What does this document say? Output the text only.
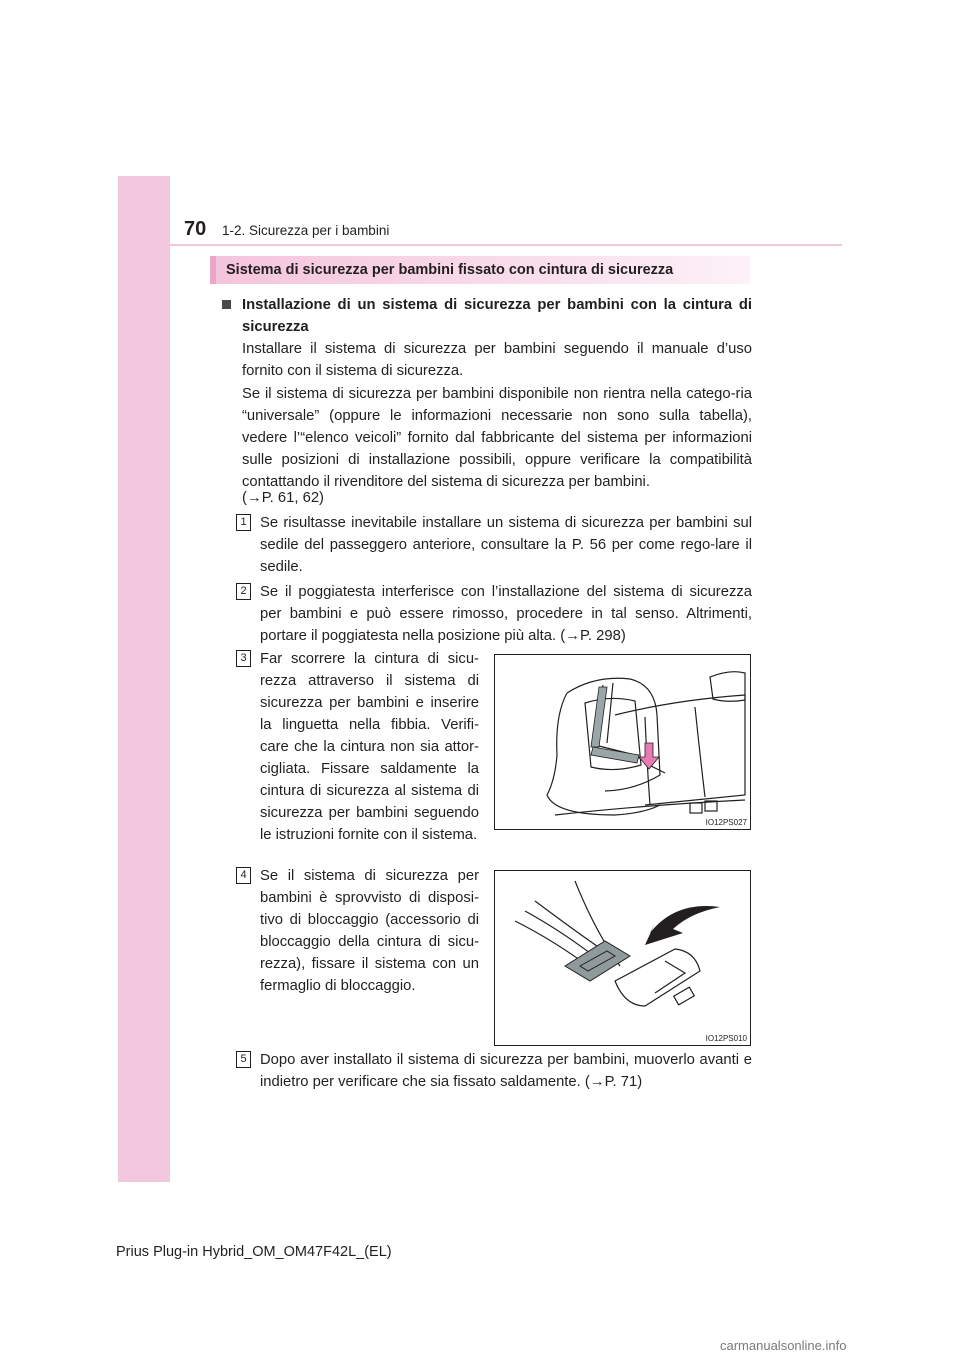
70 1-2. Sicurezza per i bambini
Sistema di sicurezza per bambini fissato con cintura di sicurezza
Installazione di un sistema di sicurezza per bambini con la cintura di sicurezza
Installare il sistema di sicurezza per bambini seguendo il manuale d’uso fornito con il sistema di sicurezza.
Se il sistema di sicurezza per bambini disponibile non rientra nella catego-ria “universale” (oppure le informazioni necessarie non sono sulla tabella), vedere l’“elenco veicoli” fornito dal fabbricante del sistema per informazioni sulle posizioni di installazione possibili, oppure verificare la compatibilità contattando il rivenditore del sistema di sicurezza per bambini.
(→P. 61, 62)
1 Se risultasse inevitabile installare un sistema di sicurezza per bambini sul sedile del passeggero anteriore, consultare la P. 56 per come rego-lare il sedile.
2 Se il poggiatesta interferisce con l’installazione del sistema di sicurezza per bambini e può essere rimosso, procedere in tal senso. Altrimenti, portare il poggiatesta nella posizione più alta. (→P. 298)
3 Far scorrere la cintura di sicu-rezza attraverso il sistema di sicurezza per bambini e inserire la linguetta nella fibbia. Verifi-care che la cintura non sia attor-cigliata. Fissare saldamente la cintura di sicurezza al sistema di sicurezza per bambini seguendo le istruzioni fornite con il sistema.
IO12PS027
4 Se il sistema di sicurezza per bambini è sprovvisto di disposi-tivo di bloccaggio (accessorio di bloccaggio della cintura di sicu-rezza), fissare il sistema con un fermaglio di bloccaggio.
IO12PS010
5 Dopo aver installato il sistema di sicurezza per bambini, muoverlo avanti e indietro per verificare che sia fissato saldamente. (→P. 71)
Prius Plug-in Hybrid_OM_OM47F42L_(EL)
carmanualsonline.info
